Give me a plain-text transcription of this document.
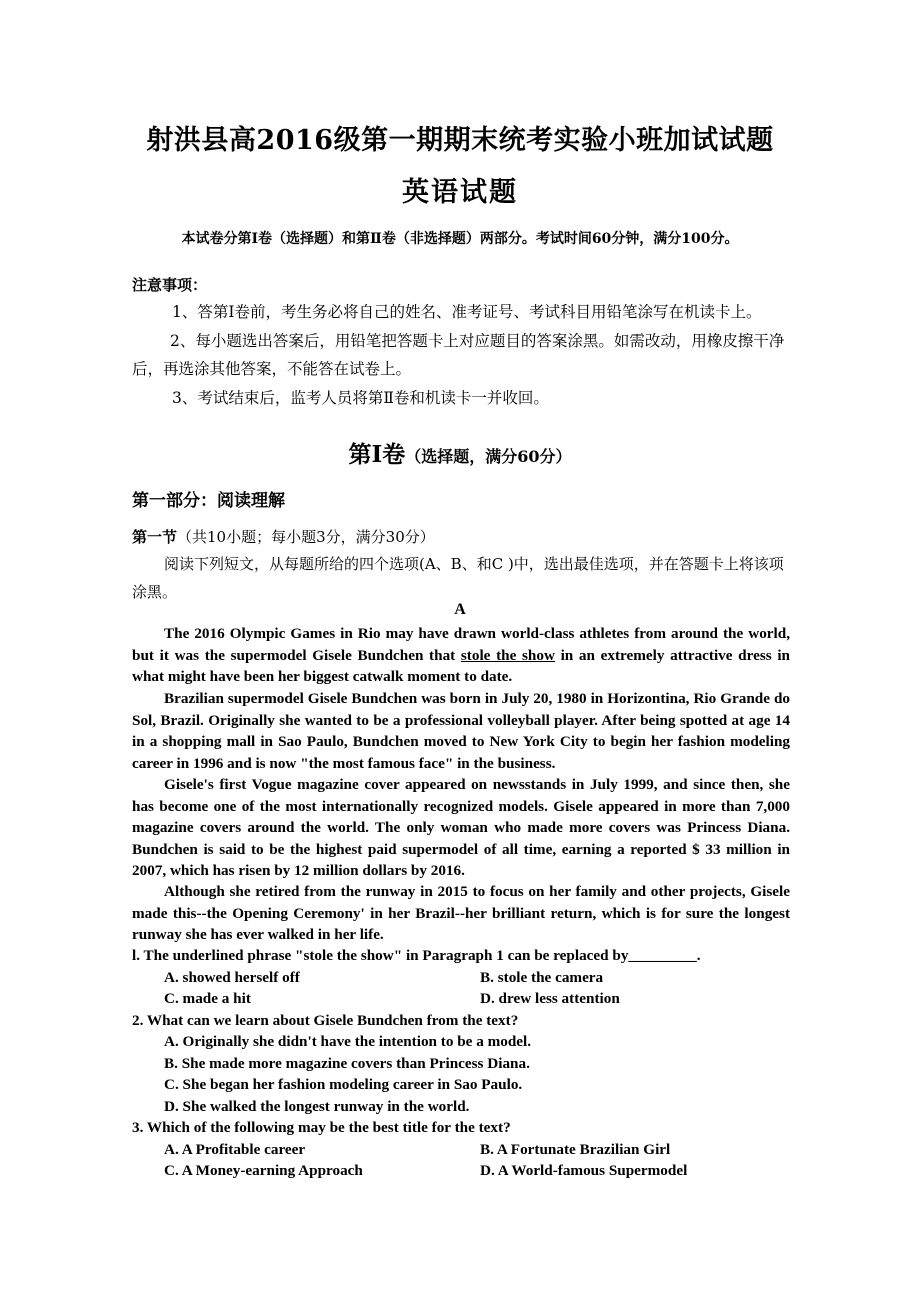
射洪县高2016级第一期期末统考实验小班加试试题
英语试题
本试卷分第Ⅰ卷（选择题）和第Ⅱ卷（非选择题）两部分。考试时间60分钟，满分100分。
注意事项：
1、答第Ⅰ卷前，考生务必将自己的姓名、准考证号、考试科目用铅笔涂写在机读卡上。
2、每小题选出答案后，用铅笔把答题卡上对应题目的答案涂黑。如需改动，用橡皮擦干净后，再选涂其他答案，不能答在试卷上。
3、考试结束后，监考人员将第Ⅱ卷和机读卡一并收回。
第Ⅰ卷（选择题，满分60分）
第一部分：阅读理解
第一节（共10小题；每小题3分，满分30分）
阅读下列短文，从每题所给的四个选项(A、B、和C )中，选出最佳选项，并在答题卡上将该项涂黑。
A
The 2016 Olympic Games in Rio may have drawn world-class athletes from around the world, but it was the supermodel Gisele Bundchen that stole the show in an extremely attractive dress in what might have been her biggest catwalk moment to date.
Brazilian supermodel Gisele Bundchen was born in July 20, 1980 in Horizontina, Rio Grande do Sol, Brazil. Originally she wanted to be a professional volleyball player. After being spotted at age 14 in a shopping mall in Sao Paulo, Bundchen moved to New York City to begin her fashion modeling career in 1996 and is now "the most famous face" in the business.
Gisele's first Vogue magazine cover appeared on newsstands in July 1999, and since then, she has become one of the most internationally recognized models. Gisele appeared in more than 7,000 magazine covers around the world. The only woman who made more covers was Princess Diana. Bundchen is said to be the highest paid supermodel of all time, earning a reported $ 33 million in 2007, which has risen by 12 million dollars by 2016.
Although she retired from the runway in 2015 to focus on her family and other projects, Gisele made this--the Opening Ceremony' in her Brazil--her brilliant return, which is for sure the longest runway she has ever walked in her life.
l. The underlined phrase "stole the show" in Paragraph 1 can be replaced by_________.
A. showed herself off	B. stole the camera
C. made a hit	D. drew less attention
2. What can we learn about Gisele Bundchen from the text?
A. Originally she didn't have the intention to be a model.
B. She made more magazine covers than Princess Diana.
C. She began her fashion modeling career in Sao Paulo.
D. She walked the longest runway in the world.
3. Which of the following may be the best title for the text?
A. A Profitable career	B. A Fortunate Brazilian Girl
C. A Money-earning Approach	D. A World-famous Supermodel
